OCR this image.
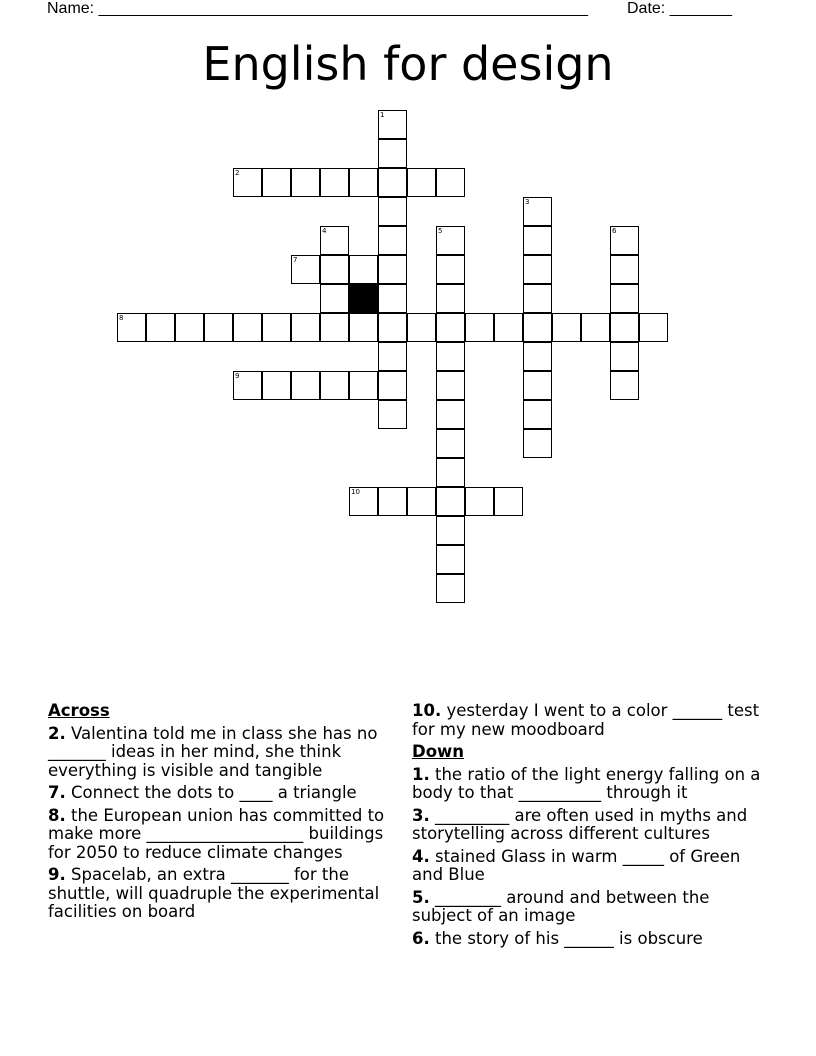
Name: _______________________________________________________ Date: _______
English for design
1
2
3
4	5	6
7
8
9
10
Across
2. Valentina told me in class she has no _______ ideas in her mind, she think everything is visible and tangible
7. Connect the dots to ____ a triangle
8. the European union has committed to make more ___________________ buildings for 2050 to reduce climate changes
9. Spacelab, an extra _______ for the shuttle, will quadruple the experimental facilities on board
10. yesterday I went to a color ______ test for my new moodboard
Down
1. the ratio of the light energy falling on a body to that __________ through it
3. _________ are often used in myths and storytelling across different cultures
4. stained Glass in warm _____ of Green and Blue
5. ________ around and between the subject of an image
6. the story of his ______ is obscure
